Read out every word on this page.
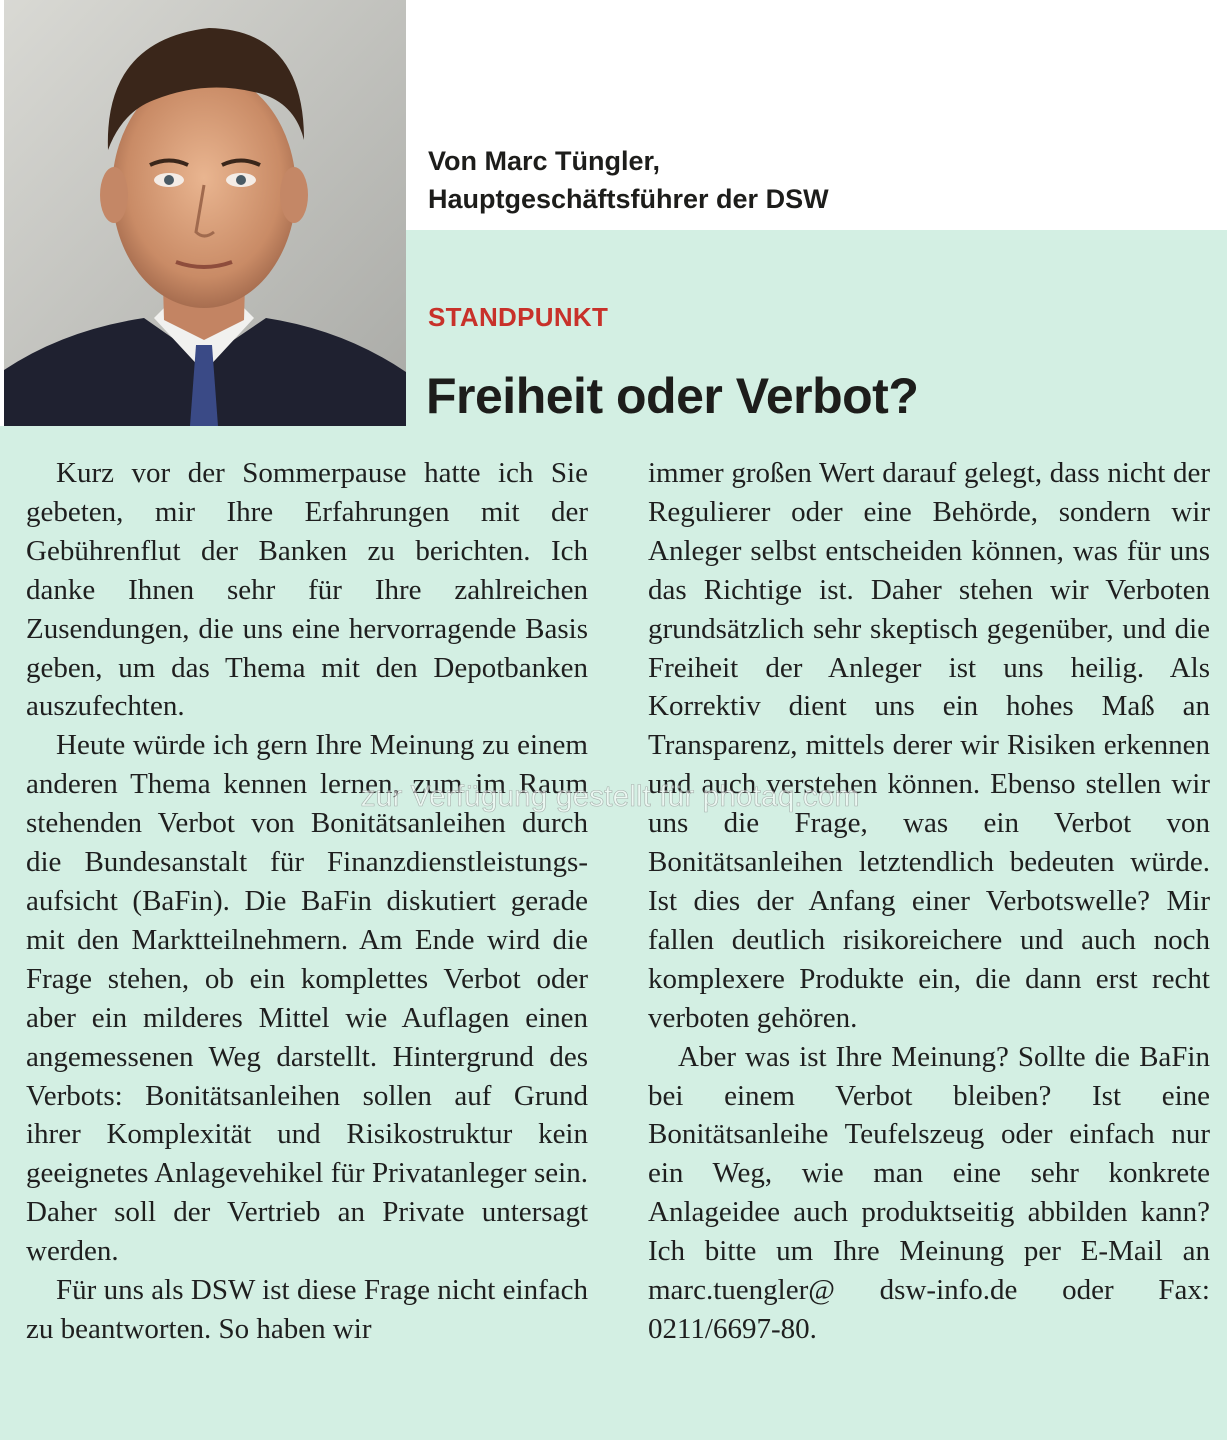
Von Marc Tüngler,
Hauptgeschäftsführer der DSW
STANDPUNKT
Freiheit oder Verbot?

Kurz vor der Sommerpause hatte ich Sie gebeten, mir Ihre Erfahrungen mit der Gebührenflut der Banken zu berichten. Ich danke Ihnen sehr für Ihre zahlreichen Zusendungen, die uns eine hervorragende Basis geben, um das Thema mit den Depotbanken auszufechten.

Heute würde ich gern Ihre Meinung zu einem anderen Thema kennen lernen, zum im Raum stehenden Verbot von Bonitätsanleihen durch die Bundesanstalt für Finanzdienstleistungsaufsicht (BaFin). Die BaFin diskutiert gerade mit den Marktteilnehmern. Am Ende wird die Frage stehen, ob ein komplettes Verbot oder aber ein milderes Mittel wie Auflagen einen angemessenen Weg darstellt. Hintergrund des Verbots: Bonitätsanleihen sollen auf Grund ihrer Komplexität und Risikostruktur kein geeignetes Anlagevehikel für Privatanleger sein. Daher soll der Vertrieb an Private untersagt werden.

Für uns als DSW ist diese Frage nicht einfach zu beantworten. So haben wir

immer großen Wert darauf gelegt, dass nicht der Regulierer oder eine Behörde, sondern wir Anleger selbst entscheiden können, was für uns das Richtige ist. Daher stehen wir Verboten grundsätzlich sehr skeptisch gegenüber, und die Freiheit der Anleger ist uns heilig. Als Korrektiv dient uns ein hohes Maß an Transparenz, mittels derer wir Risiken erkennen und auch verstehen können. Ebenso stellen wir uns die Frage, was ein Verbot von Bonitätsanleihen letztendlich bedeuten würde. Ist dies der Anfang einer Verbotswelle? Mir fallen deutlich risikoreichere und auch noch komplexere Produkte ein, die dann erst recht verboten gehören.

Aber was ist Ihre Meinung? Sollte die BaFin bei einem Verbot bleiben? Ist eine Bonitätsanleihe Teufelszeug oder einfach nur ein Weg, wie man eine sehr konkrete Anlageidee auch produktseitig abbilden kann? Ich bitte um Ihre Meinung per E-Mail an marc.tuengler@ dsw-info.de oder Fax: 0211/6697-80.

zur Verfügung gestellt für photaq.com
